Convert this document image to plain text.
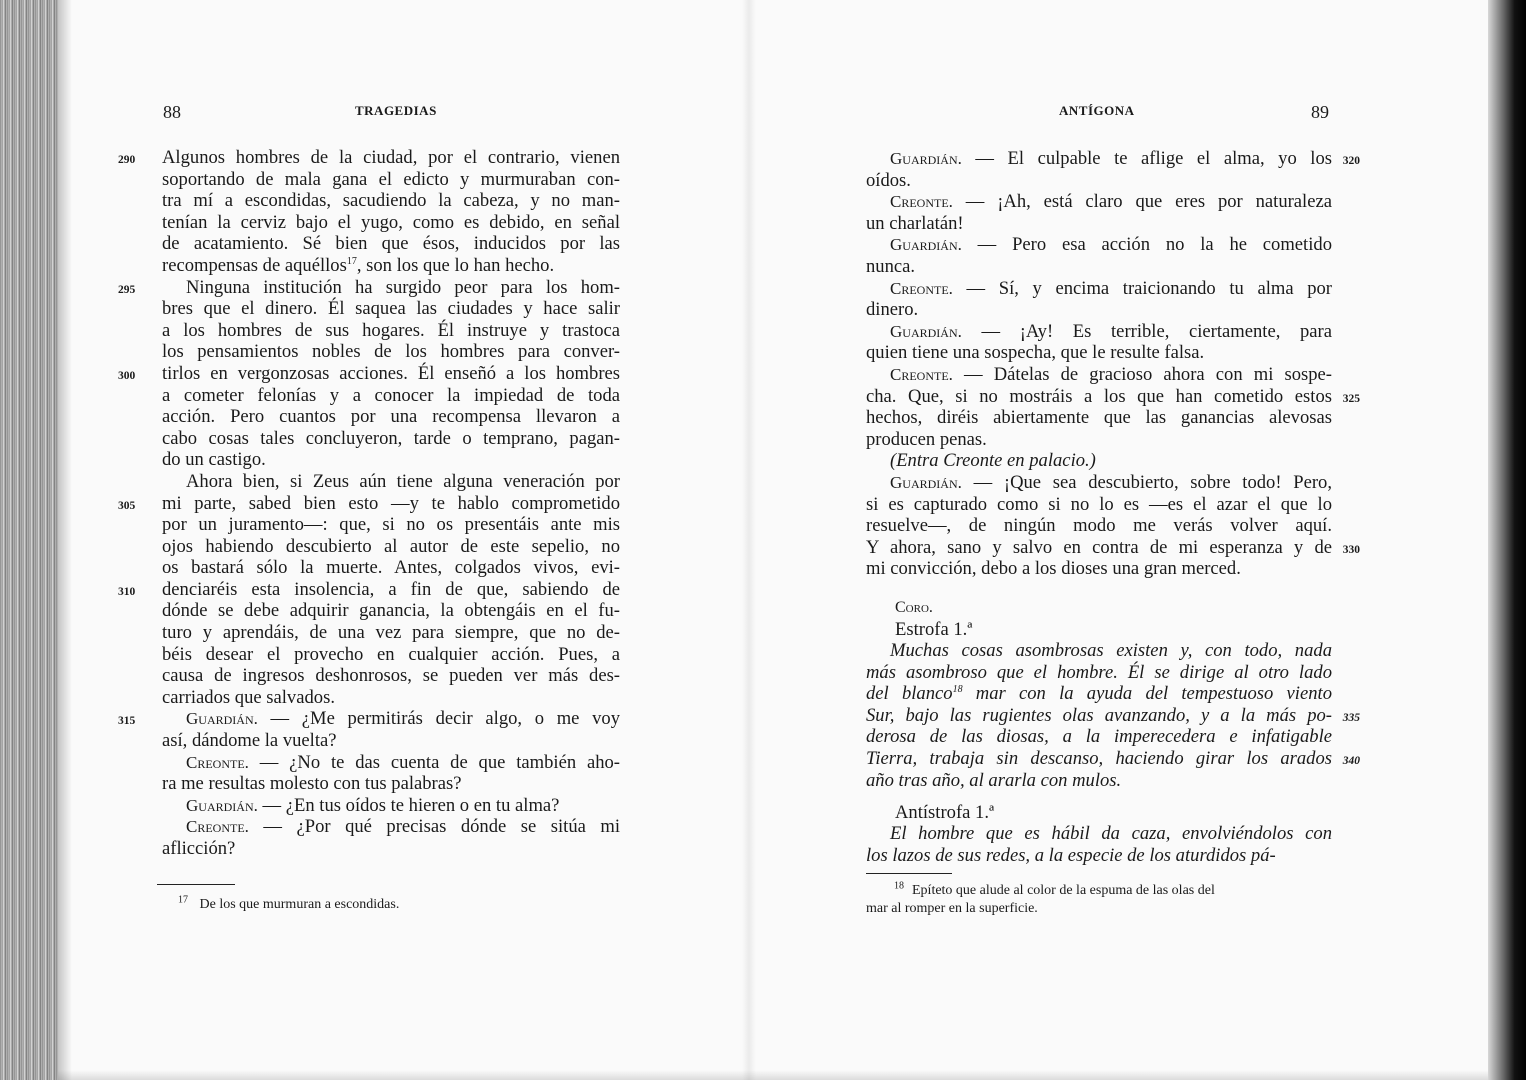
88	TRAGEDIAS
290 Algunos hombres de la ciudad, por el contrario, vienen
soportando de mala gana el edicto y murmuraban con-
tra mí a escondidas, sacudiendo la cabeza, y no man-
tenían la cerviz bajo el yugo, como es debido, en señal
de acatamiento. Sé bien que ésos, inducidos por las
recompensas de aquéllos$^{17}$, son los que lo han hecho.
295	Ninguna institución ha surgido peor para los hom-
bres que el dinero. Él saquea las ciudades y hace salir
a los hombres de sus hogares. Él instruye y trastoca
los pensamientos nobles de los hombres para conver-
300 tirlos en vergonzosas acciones. Él enseñó a los hombres
a cometer felonías y a conocer la impiedad de toda
acción. Pero cuantos por una recompensa llevaron a
cabo cosas tales concluyeron, tarde o temprano, pagan-
do un castigo.
Ahora bien, si Zeus aún tiene alguna veneración por
305 mi parte, sabed bien esto —y te hablo comprometido
por un juramento—: que, si no os presentáis ante mis
ojos habiendo descubierto al autor de este sepelio, no
os bastará sólo la muerte. Antes, colgados vivos, evi-
310 denciaréis esta insolencia, a fin de que, sabiendo de
dónde se debe adquirir ganancia, la obtengáis en el fu-
turo y aprendáis, de una vez para siempre, que no de-
béis desear el provecho en cualquier acción. Pues, a
causa de ingresos deshonrosos, se pueden ver más des-
carriados que salvados.
315	Guardián. — ¿Me permitirás decir algo, o me voy
así, dándome la vuelta?
Creonte. — ¿No te das cuenta de que también aho-
ra me resultas molesto con tus palabras?
Guardián. — ¿En tus oídos te hieren o en tu alma?
Creonte. — ¿Por qué precisas dónde se sitúa mi
aflicción?
$^{17}$ De los que murmuran a escondidas.
ANTÍGONA	89
320
Guardián. — El culpable te aflige el alma, yo los
oídos.
Creonte. — ¡Ah, está claro que eres por naturaleza
un charlatán!
Guardián. — Pero esa acción no la he cometido
nunca.
Creonte. — Sí, y encima traicionando tu alma por
dinero.
Guardián. — ¡Ay! Es terrible, ciertamente, para
quien tiene una sospecha, que le resulte falsa.
Creonte. — Dátelas de gracioso ahora con mi sospe-
325
cha. Que, si no mostráis a los que han cometido estos
hechos, diréis abiertamente que las ganancias alevosas
producen penas.
(Entra Creonte en palacio.)
Guardián. — ¡Que sea descubierto, sobre todo! Pero,
si es capturado como si no lo es —es el azar el que lo
resuelve—, de ningún modo me verás volver aquí.
330
Y ahora, sano y salvo en contra de mi esperanza y de
mi convicción, debo a los dioses una gran merced.
Coro.
Estrofa 1.ª
Muchas cosas asombrosas existen y, con todo, nada
más asombroso que el hombre. Él se dirige al otro lado
del blanco$^{18}$ mar con la ayuda del tempestuoso viento
335
Sur, bajo las rugientes olas avanzando, y a la más po-
derosa de las diosas, a la imperecedera e infatigable
340
Tierra, trabaja sin descanso, haciendo girar los arados
año tras año, al ararla con mulos.
Antístrofa 1.ª
El hombre que es hábil da caza, envolviéndolos con
los lazos de sus redes, a la especie de los aturdidos pá-
$^{18}$ Epíteto que alude al color de la espuma de las olas del
mar al romper en la superficie.
